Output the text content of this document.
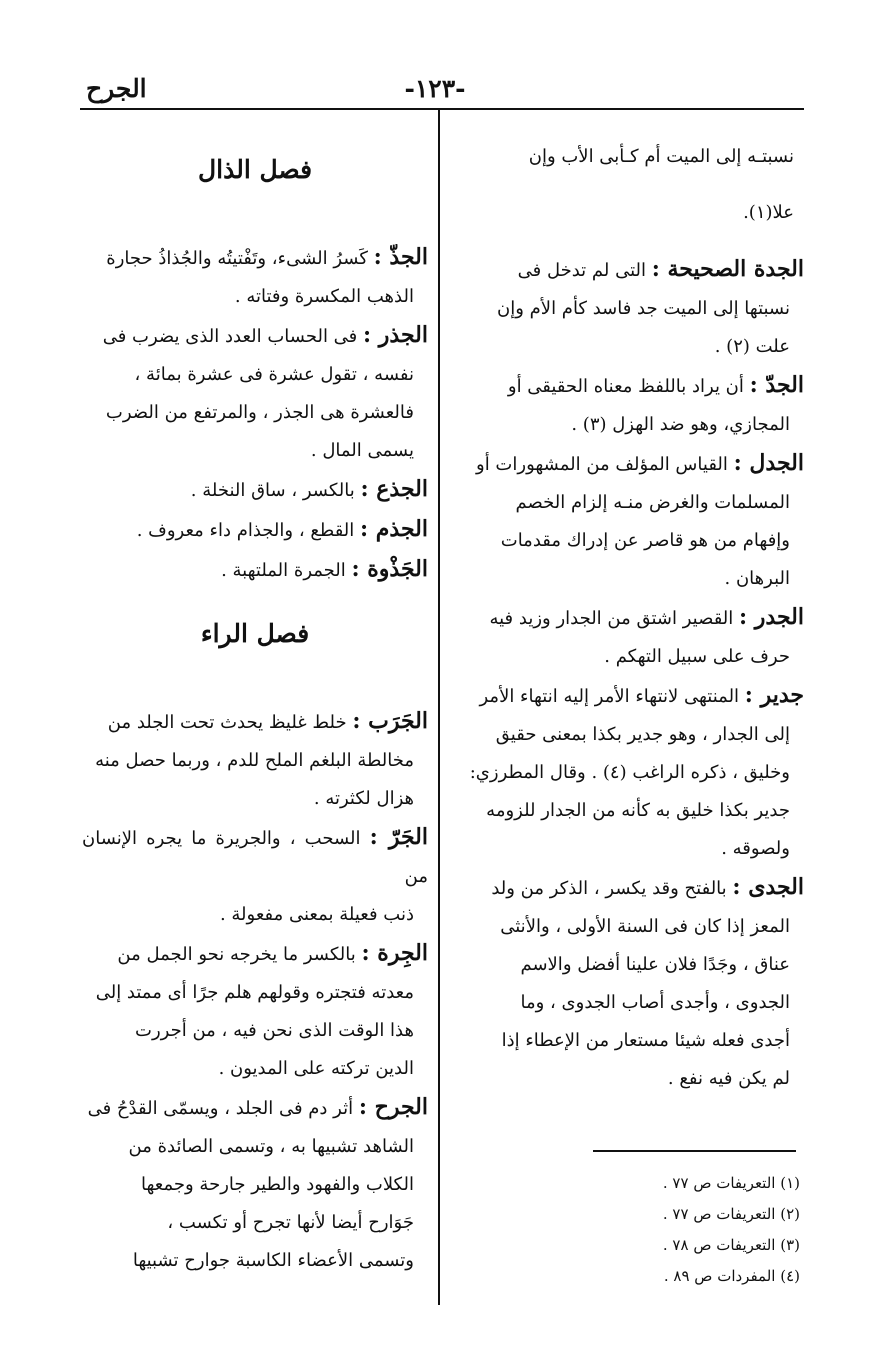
الجرح	-١٢٣-

نسبتـه إلى الميت أم كـأبى الأب وإن

علا(١).

الجدة الصحيحة : التى لم تدخل فى

نسبتها إلى الميت جد فاسد كأم الأم وإن

علت (٢) .

الجدّ : أن يراد باللفظ معناه الحقيقى أو

المجازي، وهو ضد الهزل (٣) .

الجدل : القياس المؤلف من المشهورات أو

المسلمات والغرض منـه إلزام الخصم

وإفهام من هو قاصر عن إدراك مقدمات

البرهان .

الجدر : القصير اشتق من الجدار وزيد فيه

حرف على سبيل التهكم .

جدير : المنتهى لانتهاء الأمر إليه انتهاء الأمر

إلى الجدار ، وهو جدير بكذا بمعنى حقيق

وخليق ، ذكره الراغب (٤) . وقال المطرزي:

جدير بكذا خليق به كأنه من الجدار للزومه

ولصوقه .

الجدى : بالفتح وقد يكسر ، الذكر من ولد

المعز إذا كان فى السنة الأولى ، والأنثى

عناق ، وجَدًا فلان علينا أفضل والاسم

الجدوى ، وأجدى أصاب الجدوى ، وما

أجدى فعله شيئا مستعار من الإعطاء إذا

لم يكن فيه نفع .

فصل الذال

الجذّ : كَسرُ الشىء، وتَفْتيتُه والجُذاذُ حجارة

الذهب المكسرة وفتاته .

الجذر : فى الحساب العدد الذى يضرب فى

نفسه ، تقول عشرة فى عشرة بمائة ،

فالعشرة هى الجذر ، والمرتفع من الضرب

يسمى المال .

الجذع : بالكسر ، ساق النخلة .

الجذم : القطع ، والجذام داء معروف .

الجَذْوة : الجمرة الملتهبة .

فصل الراء

الجَرَب : خلط غليظ يحدث تحت الجلد من

مخالطة البلغم الملح للدم ، وربما حصل منه

هزال لكثرته .

الجَرّ : السحب ، والجريرة ما يجره الإنسان من

ذنب فعيلة بمعنى مفعولة .

الجِرة : بالكسر ما يخرجه نحو الجمل من

معدته فتجتره وقولهم هلم جرًا أى ممتد إلى

هذا الوقت الذى نحن فيه ، من أجررت

الدين تركته على المديون .

الجرح : أثر دم فى الجلد ، ويسمّى القدْحُ فى

الشاهد تشبيها به ، وتسمى الصائدة من

الكلاب والفهود والطير جارحة وجمعها

جَوَارح أيضا لأنها تجرح أو تكسب ،

وتسمى الأعضاء الكاسبة جوارح تشبيها

(١) التعريفات ص ٧٧ .
(٢) التعريفات ص ٧٧ .
(٣) التعريفات ص ٧٨ .
(٤) المفردات ص ٨٩ .
